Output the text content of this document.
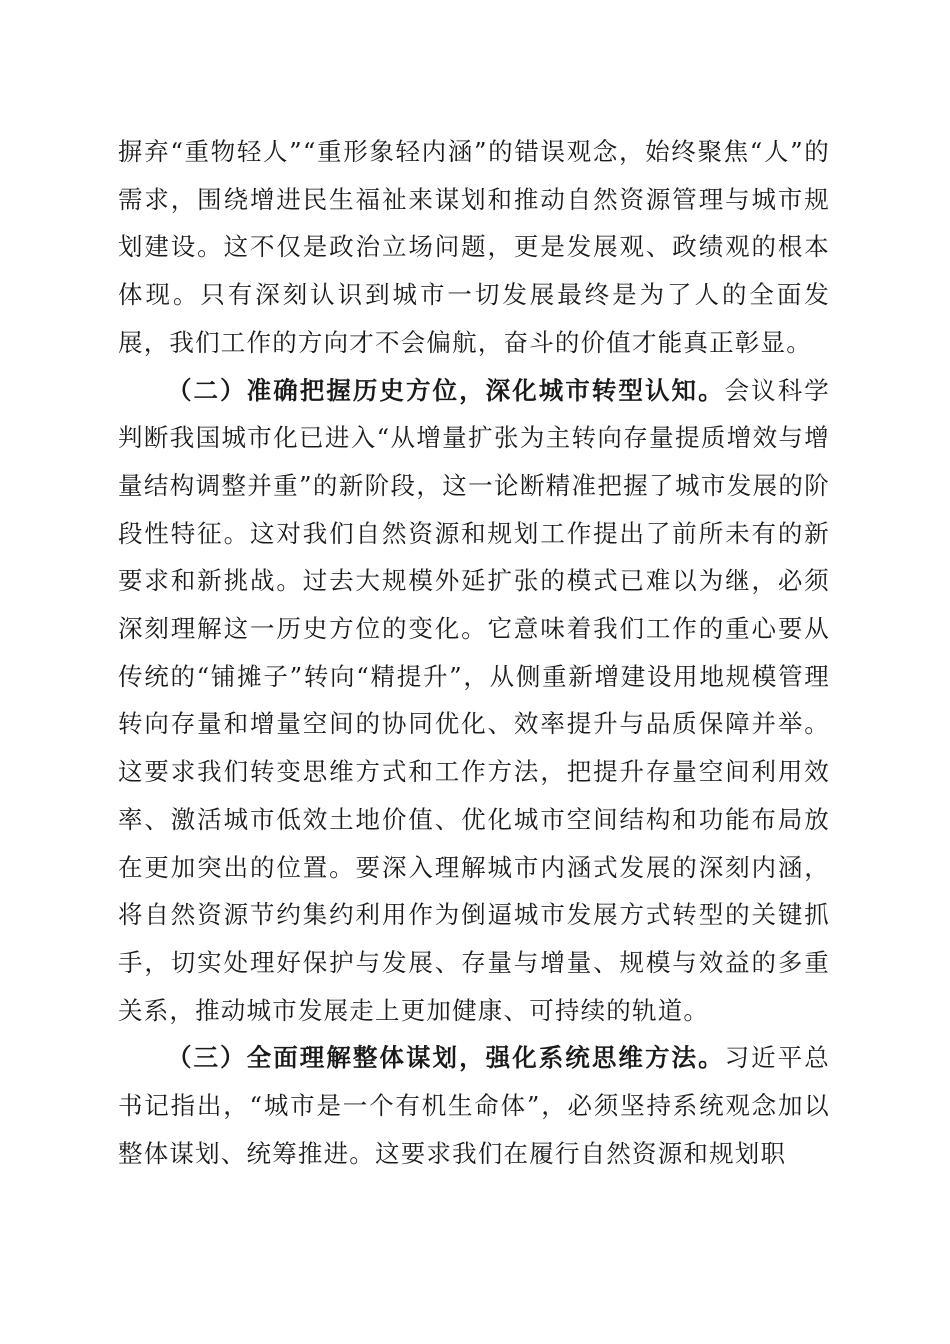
摒弃“重物轻人”“重形象轻内涵”的错误观念，始终聚焦“人”的需求，围绕增进民生福祉来谋划和推动自然资源管理与城市规划建设。这不仅是政治立场问题，更是发展观、政绩观的根本体现。只有深刻认识到城市一切发展最终是为了人的全面发展，我们工作的方向才不会偏航，奋斗的价值才能真正彰显。

（二）准确把握历史方位，深化城市转型认知。会议科学判断我国城市化已进入“从增量扩张为主转向存量提质增效与增量结构调整并重”的新阶段，这一论断精准把握了城市发展的阶段性特征。这对我们自然资源和规划工作提出了前所未有的新要求和新挑战。过去大规模外延扩张的模式已难以为继，必须深刻理解这一历史方位的变化。它意味着我们工作的重心要从传统的“铺摊子”转向“精提升”，从侧重新增建设用地规模管理转向存量和增量空间的协同优化、效率提升与品质保障并举。这要求我们转变思维方式和工作方法，把提升存量空间利用效率、激活城市低效土地价值、优化城市空间结构和功能布局放在更加突出的位置。要深入理解城市内涵式发展的深刻内涵，将自然资源节约集约利用作为倒逼城市发展方式转型的关键抓手，切实处理好保护与发展、存量与增量、规模与效益的多重关系，推动城市发展走上更加健康、可持续的轨道。

（三）全面理解整体谋划，强化系统思维方法。习近平总书记指出，“城市是一个有机生命体”，必须坚持系统观念加以整体谋划、统筹推进。这要求我们在履行自然资源和规划职
